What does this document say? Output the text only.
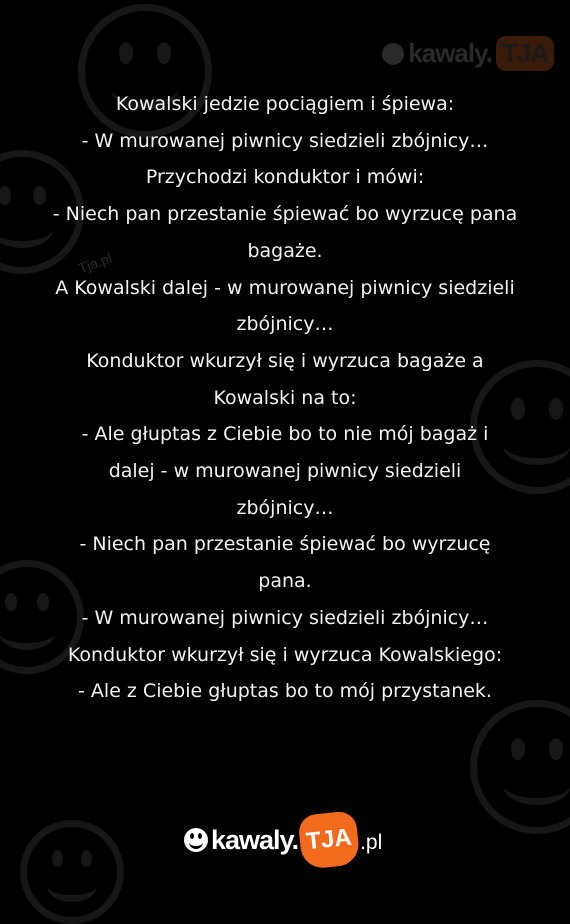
kawaly. TJA
Tja.pl
Kowalski jedzie pociągiem i śpiewa:
- W murowanej piwnicy siedzieli zbójnicy…
Przychodzi konduktor i mówi:
- Niech pan przestanie śpiewać bo wyrzucę pana
bagaże.
A Kowalski dalej - w murowanej piwnicy siedzieli
zbójnicy…
Konduktor wkurzył się i wyrzuca bagaże a
Kowalski na to:
- Ale głuptas z Ciebie bo to nie mój bagaż i
dalej - w murowanej piwnicy siedzieli
zbójnicy…
- Niech pan przestanie śpiewać bo wyrzucę
pana.
- W murowanej piwnicy siedzieli zbójnicy…
Konduktor wkurzył się i wyrzuca Kowalskiego:
- Ale z Ciebie głuptas bo to mój przystanek.
kawaly. TJA .pl
